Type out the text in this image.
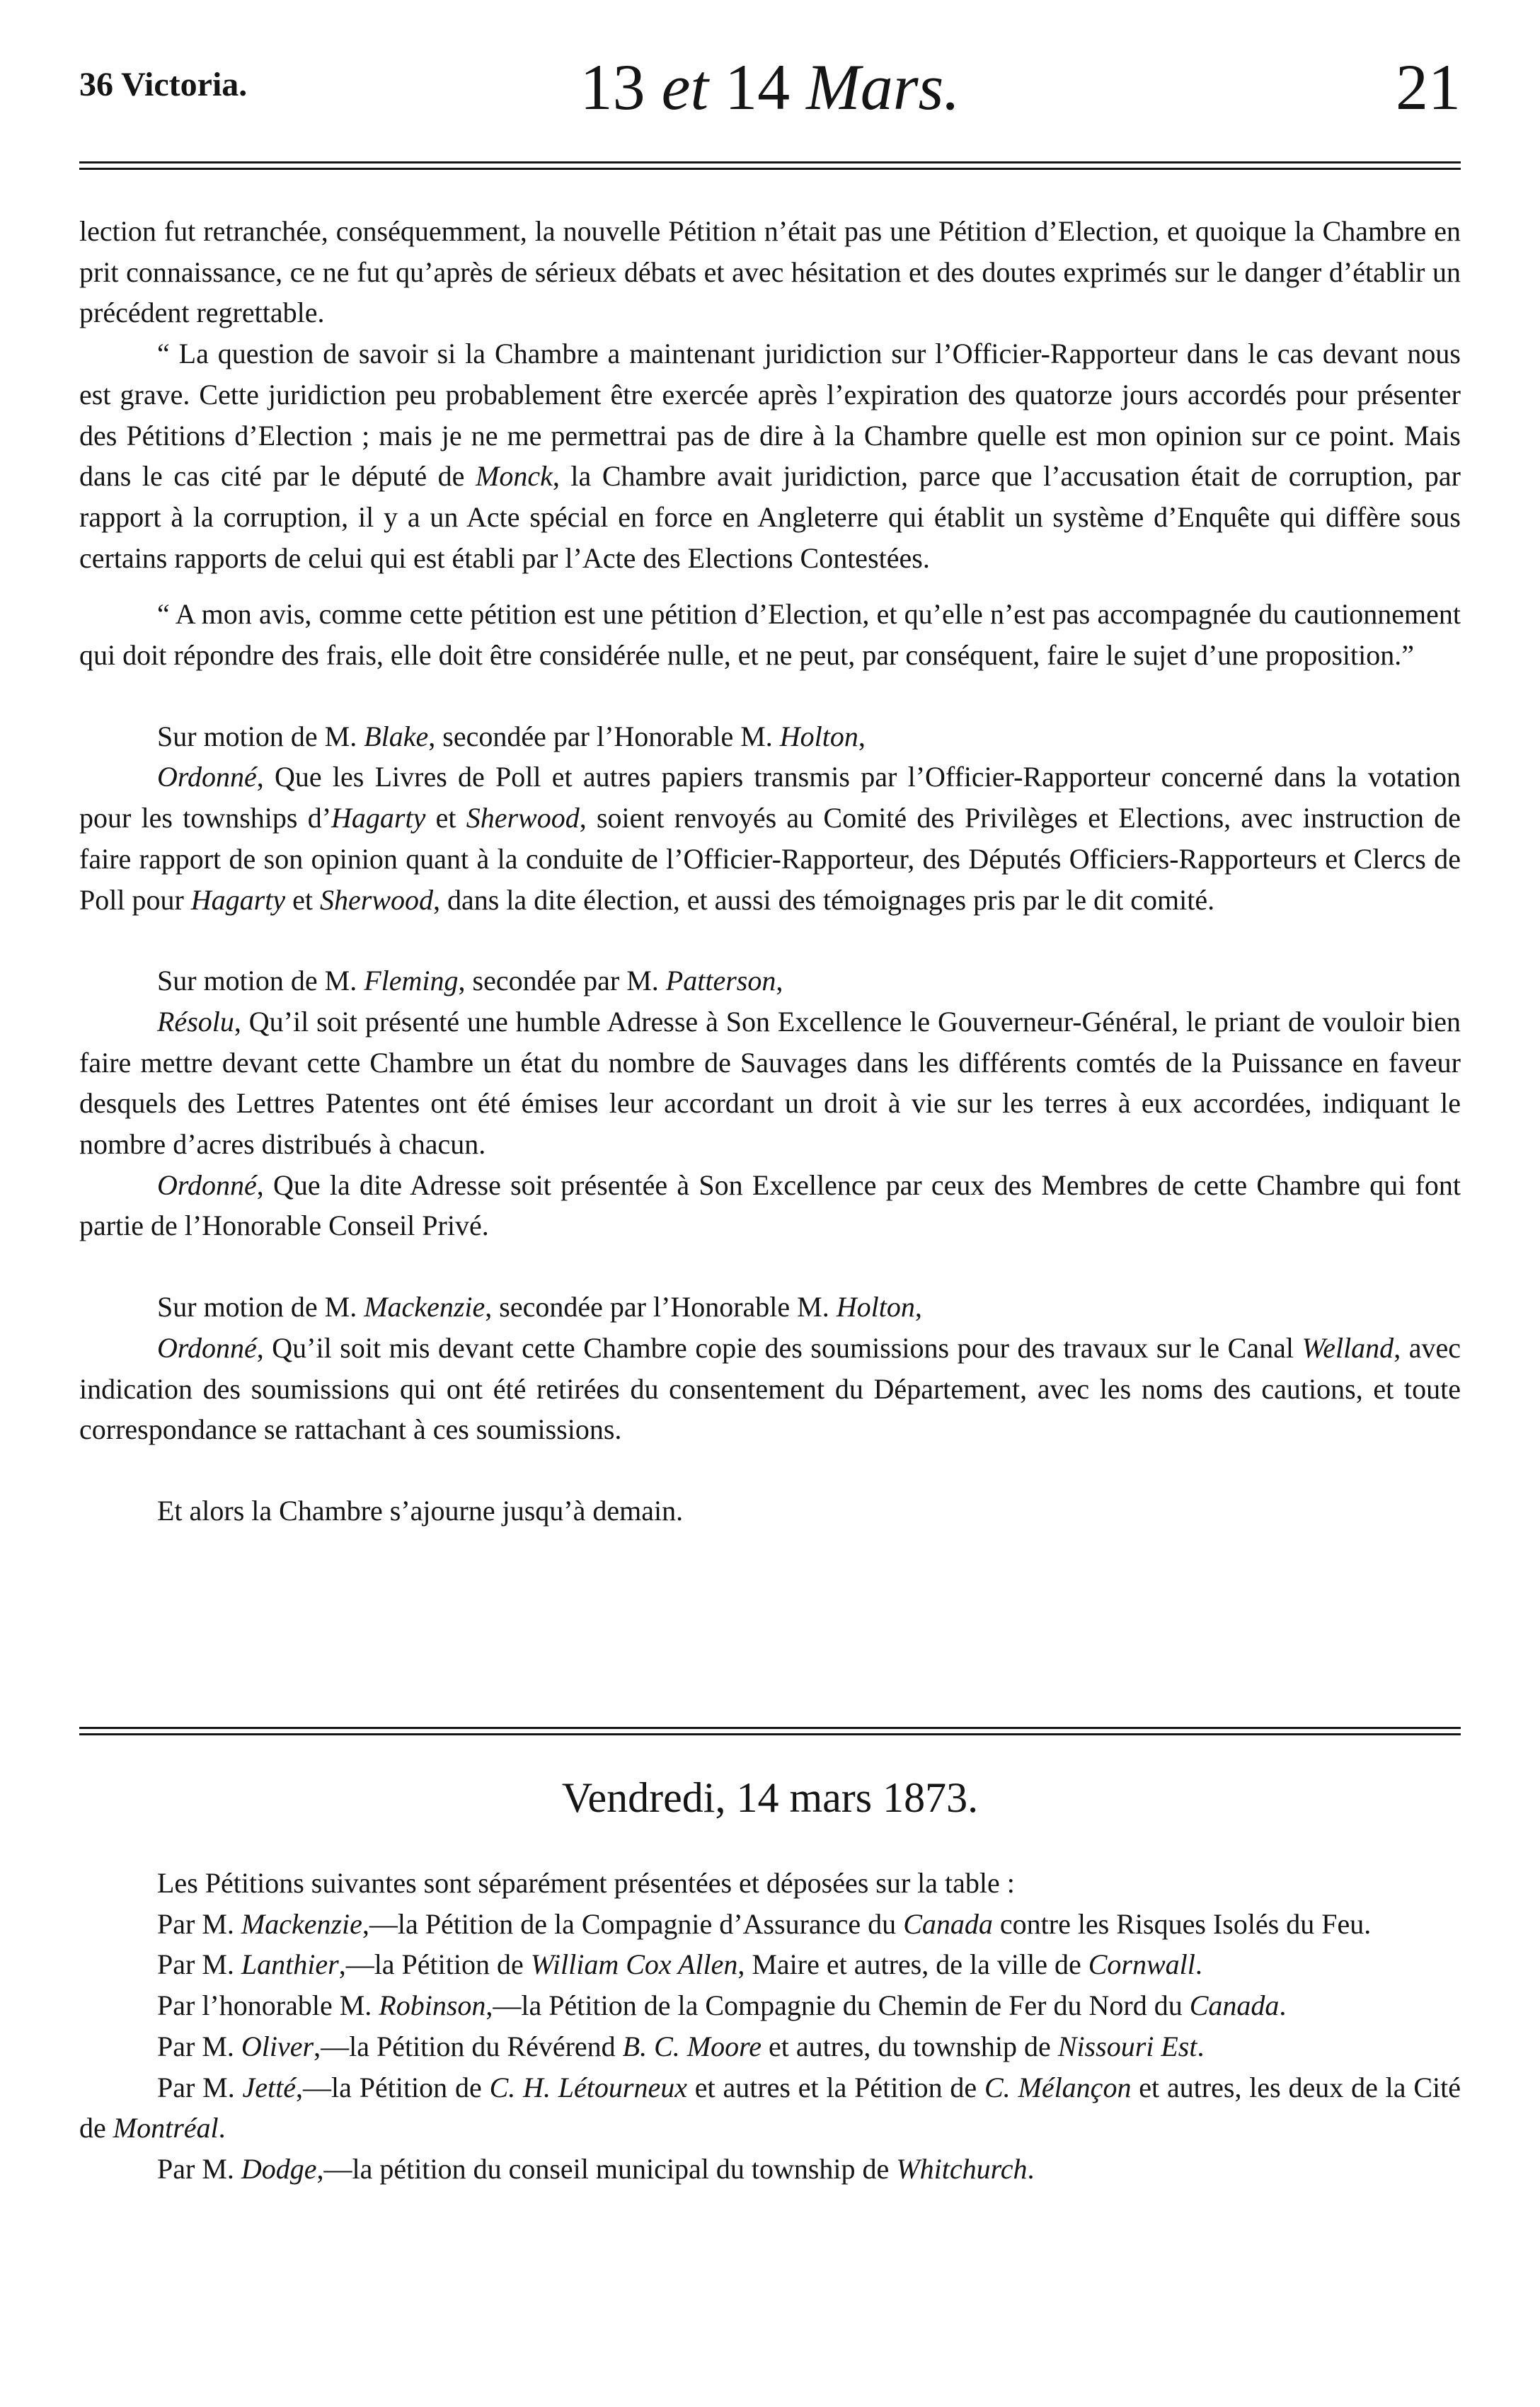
36 Victoria.	13 et 14 Mars.	21

lection fut retranchée, conséquemment, la nouvelle Pétition n’était pas une Pétition d’Election, et quoique la Chambre en prit connaissance, ce ne fut qu’après de sérieux débats et avec hésitation et des doutes exprimés sur le danger d’établir un précédent regrettable.

“ La question de savoir si la Chambre a maintenant juridiction sur l’Officier-Rapporteur dans le cas devant nous est grave. Cette juridiction peu probablement être exercée après l’expiration des quatorze jours accordés pour présenter des Pétitions d’Election ; mais je ne me permettrai pas de dire à la Chambre quelle est mon opinion sur ce point. Mais dans le cas cité par le député de Monck, la Chambre avait juridiction, parce que l’accusation était de corruption, par rapport à la corruption, il y a un Acte spécial en force en Angleterre qui établit un système d’Enquête qui diffère sous certains rapports de celui qui est établi par l’Acte des Elections Contestées.

“ A mon avis, comme cette pétition est une pétition d’Election, et qu’elle n’est pas accompagnée du cautionnement qui doit répondre des frais, elle doit être considérée nulle, et ne peut, par conséquent, faire le sujet d’une proposition.”

Sur motion de M. Blake, secondée par l’Honorable M. Holton,

Ordonné, Que les Livres de Poll et autres papiers transmis par l’Officier-Rapporteur concerné dans la votation pour les townships d’Hagarty et Sherwood, soient renvoyés au Comité des Privilèges et Elections, avec instruction de faire rapport de son opinion quant à la conduite de l’Officier-Rapporteur, des Députés Officiers-Rapporteurs et Clercs de Poll pour Hagarty et Sherwood, dans la dite élection, et aussi des témoignages pris par le dit comité.

Sur motion de M. Fleming, secondée par M. Patterson,

Résolu, Qu’il soit présenté une humble Adresse à Son Excellence le Gouverneur-Général, le priant de vouloir bien faire mettre devant cette Chambre un état du nombre de Sauvages dans les différents comtés de la Puissance en faveur desquels des Lettres Patentes ont été émises leur accordant un droit à vie sur les terres à eux accordées, indiquant le nombre d’acres distribués à chacun.

Ordonné, Que la dite Adresse soit présentée à Son Excellence par ceux des Membres de cette Chambre qui font partie de l’Honorable Conseil Privé.

Sur motion de M. Mackenzie, secondée par l’Honorable M. Holton,

Ordonné, Qu’il soit mis devant cette Chambre copie des soumissions pour des travaux sur le Canal Welland, avec indication des soumissions qui ont été retirées du consentement du Département, avec les noms des cautions, et toute correspondance se rattachant à ces soumissions.

Et alors la Chambre s’ajourne jusqu’à demain.

Vendredi, 14 mars 1873.

Les Pétitions suivantes sont séparément présentées et déposées sur la table :

Par M. Mackenzie,—la Pétition de la Compagnie d’Assurance du Canada contre les Risques Isolés du Feu.

Par M. Lanthier,—la Pétition de William Cox Allen, Maire et autres, de la ville de Cornwall.

Par l’honorable M. Robinson,—la Pétition de la Compagnie du Chemin de Fer du Nord du Canada.

Par M. Oliver,—la Pétition du Révérend B. C. Moore et autres, du township de Nissouri Est.

Par M. Jetté,—la Pétition de C. H. Létourneux et autres et la Pétition de C. Mélançon et autres, les deux de la Cité de Montréal.

Par M. Dodge,—la pétition du conseil municipal du township de Whitchurch.
